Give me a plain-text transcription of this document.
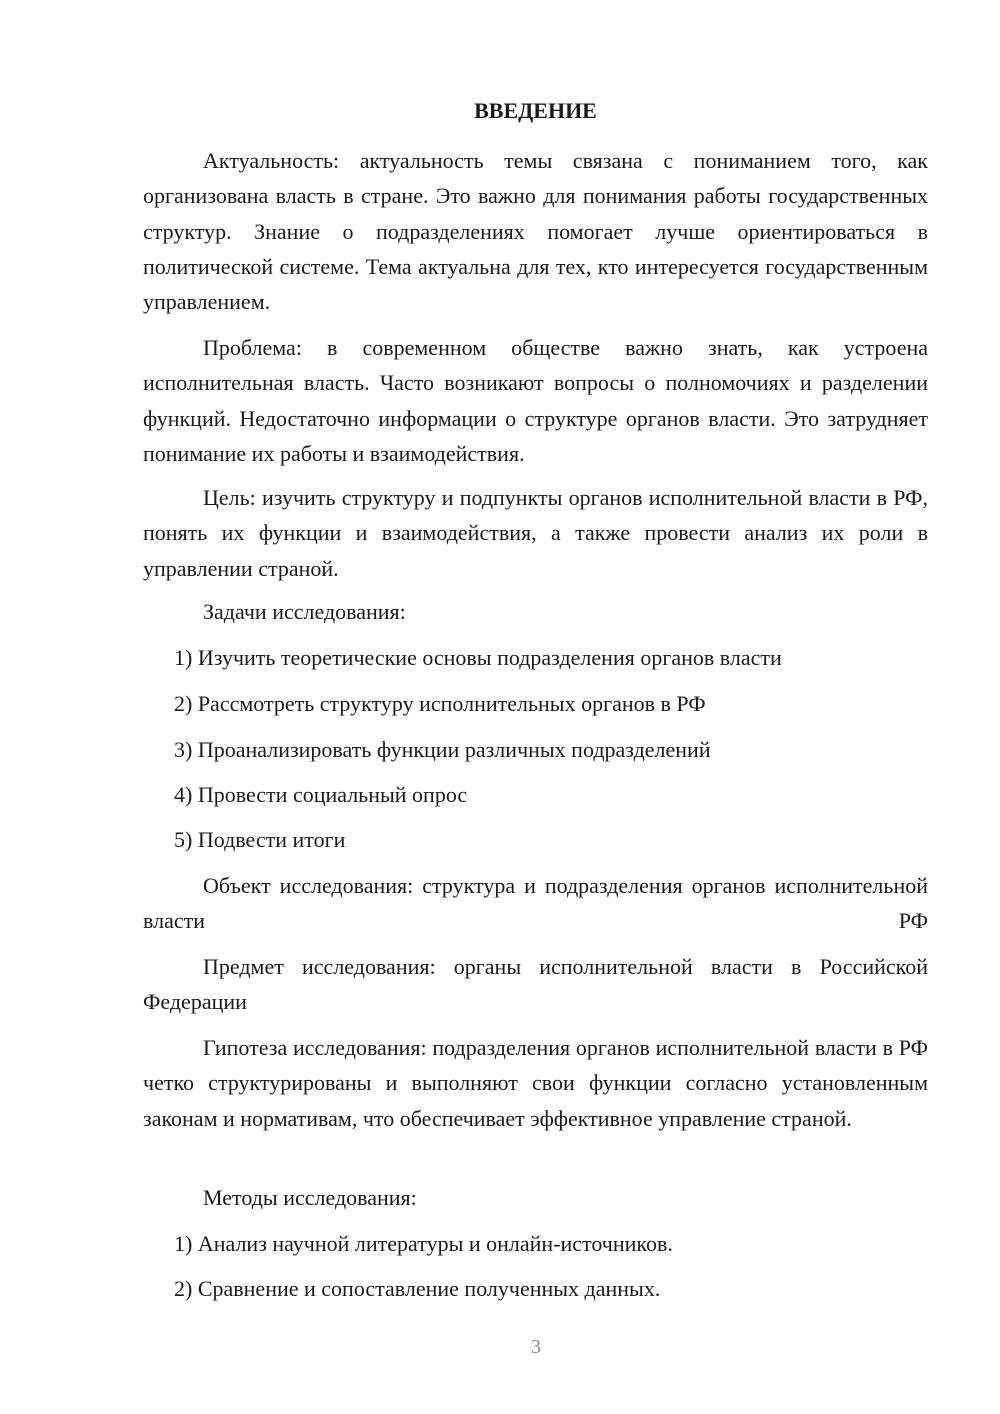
ВВЕДЕНИЕ

Актуальность: актуальность темы связана с пониманием того, как организована власть в стране. Это важно для понимания работы государственных структур. Знание о подразделениях помогает лучше ориентироваться в политической системе. Тема актуальна для тех, кто интересуется государственным управлением.

Проблема: в современном обществе важно знать, как устроена исполнительная власть. Часто возникают вопросы о полномочиях и разделении функций. Недостаточно информации о структуре органов власти. Это затрудняет понимание их работы и взаимодействия.

Цель: изучить структуру и подпункты органов исполнительной власти в РФ, понять их функции и взаимодействия, а также провести анализ их роли в управлении страной.

Задачи исследования:

1) Изучить теоретические основы подразделения органов власти

2) Рассмотреть структуру исполнительных органов в РФ

3) Проанализировать функции различных подразделений

4) Провести социальный опрос

5) Подвести итоги

Объект исследования: структура и подразделения органов исполнительной власти РФ

Предмет исследования: органы исполнительной власти в Российской Федерации

Гипотеза исследования: подразделения органов исполнительной власти в РФ четко структурированы и выполняют свои функции согласно установленным законам и нормативам, что обеспечивает эффективное управление страной.

Методы исследования:

1) Анализ научной литературы и онлайн-источников.

2) Сравнение и сопоставление полученных данных.

3
